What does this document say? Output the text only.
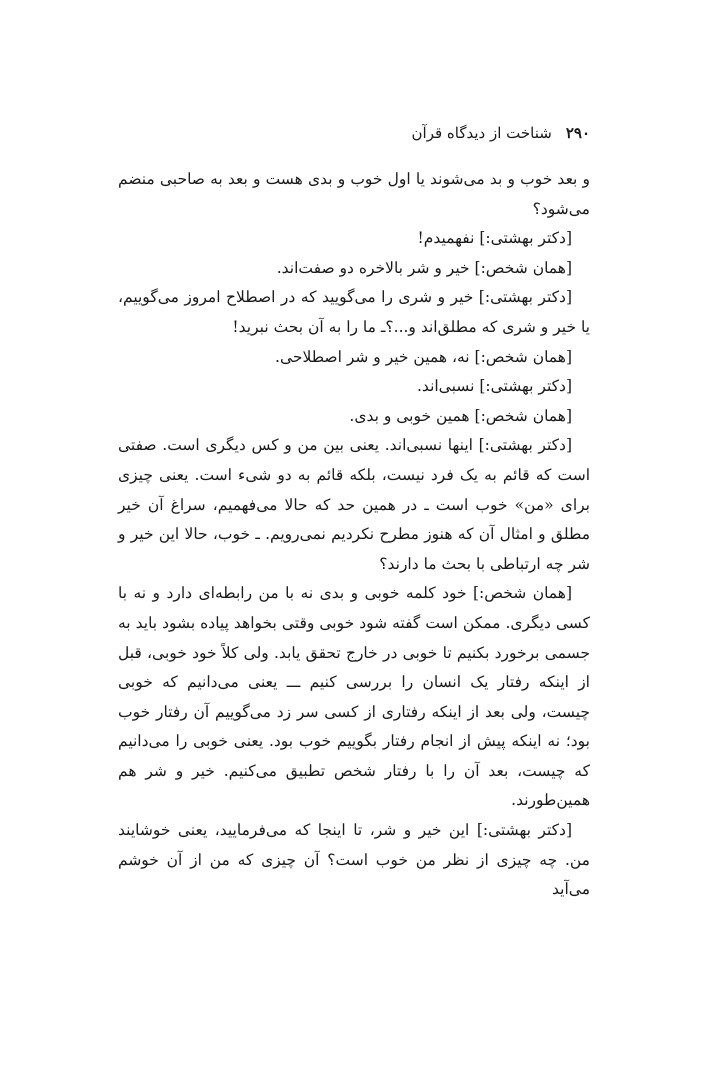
۲۹۰شناخت از دیدگاه قرآن

و بعد خوب و بد می‌شوند یا اول خوب و بدی هست و بعد به صاحبی منضم می‌شود؟

[دکتر بهشتی:] نفهمیدم!

[همان شخص:] خیر و شر بالاخره دو صفت‌اند.

[دکتر بهشتی:] خیر و شری را می‌گویید که در اصطلاح امروز می‌گوییم، یا خیر و شری که مطلق‌اند و...؟ـ ما را به آن بحث نبرید!

[همان شخص:] نه، همین خیر و شر اصطلاحی.

[دکتر بهشتی:] نسبی‌اند.

[همان شخص:] همین خوبی و بدی.

[دکتر بهشتی:] اینها نسبی‌اند. یعنی بین من و کس دیگری است. صفتی است که قائم به یک فرد نیست، بلکه قائم به دو شیء است. یعنی چیزی برای «من» خوب است ـ در همین حد که حالا می‌فهمیم، سراغ آن خیر مطلق و امثال آن که هنوز مطرح نکردیم نمی‌رویم. ـ خوب، حالا این خیر و شر چه ارتباطی با بحث ما دارند؟

[همان شخص:] خود کلمه خوبی و بدی نه با من رابطه‌ای دارد و نه با کسی دیگری. ممکن است گفته شود خوبی وقتی بخواهد پیاده بشود باید به جسمی برخورد بکنیم تا خوبی در خارج تحقق یابد. ولی کلاً خود خوبی، قبل از اینکه رفتار یک انسان را بررسی کنیم ـــ یعنی می‌دانیم که خوبی چیست، ولی بعد از اینکه رفتاری از کسی سر زد می‌گوییم آن رفتار خوب بود؛ نه اینکه پیش از انجام رفتار بگوییم خوب بود. یعنی خوبی را می‌دانیم که چیست، بعد آن را با رفتار شخص تطبیق می‌کنیم. خیر و شر هم همین‌طورند.

[دکتر بهشتی:] این خیر و شر، تا اینجا که می‌فرمایید، یعنی خوشایند من. چه چیزی از نظر من خوب است؟ آن چیزی که من از آن خوشم می‌آید
